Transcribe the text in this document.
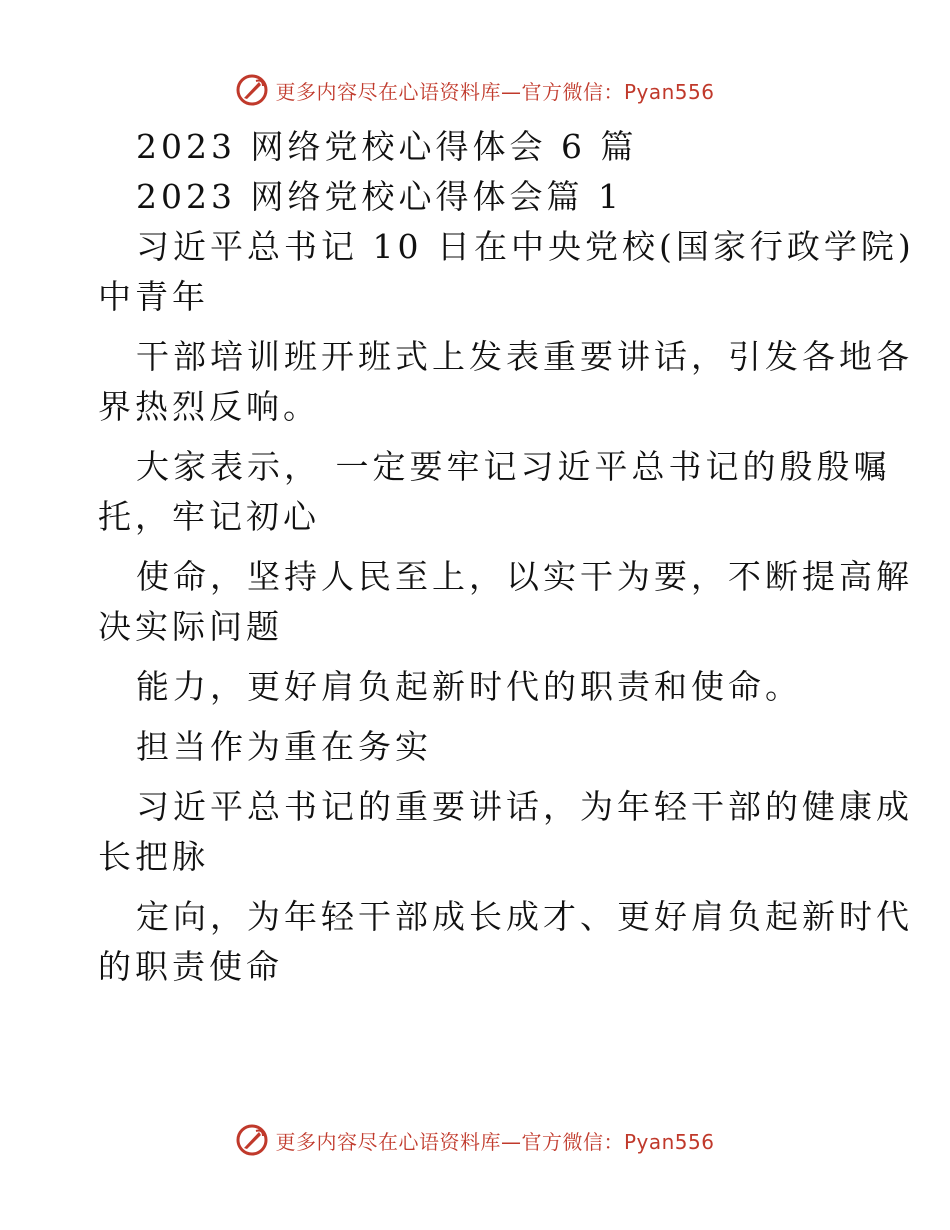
更多内容尽在心语资料库—官方微信：Pyan556

2023 网络党校心得体会 6 篇

2023 网络党校心得体会篇 1

习近平总书记 10 日在中央党校(国家行政学院)

中青年

干部培训班开班式上发表重要讲话，引发各地各

界热烈反响。

大家表示， 一定要牢记习近平总书记的殷殷嘱

托，牢记初心

使命，坚持人民至上，以实干为要，不断提高解

决实际问题

能力，更好肩负起新时代的职责和使命。

担当作为重在务实

习近平总书记的重要讲话，为年轻干部的健康成

长把脉

定向，为年轻干部成长成才、更好肩负起新时代

的职责使命

更多内容尽在心语资料库—官方微信：Pyan556
